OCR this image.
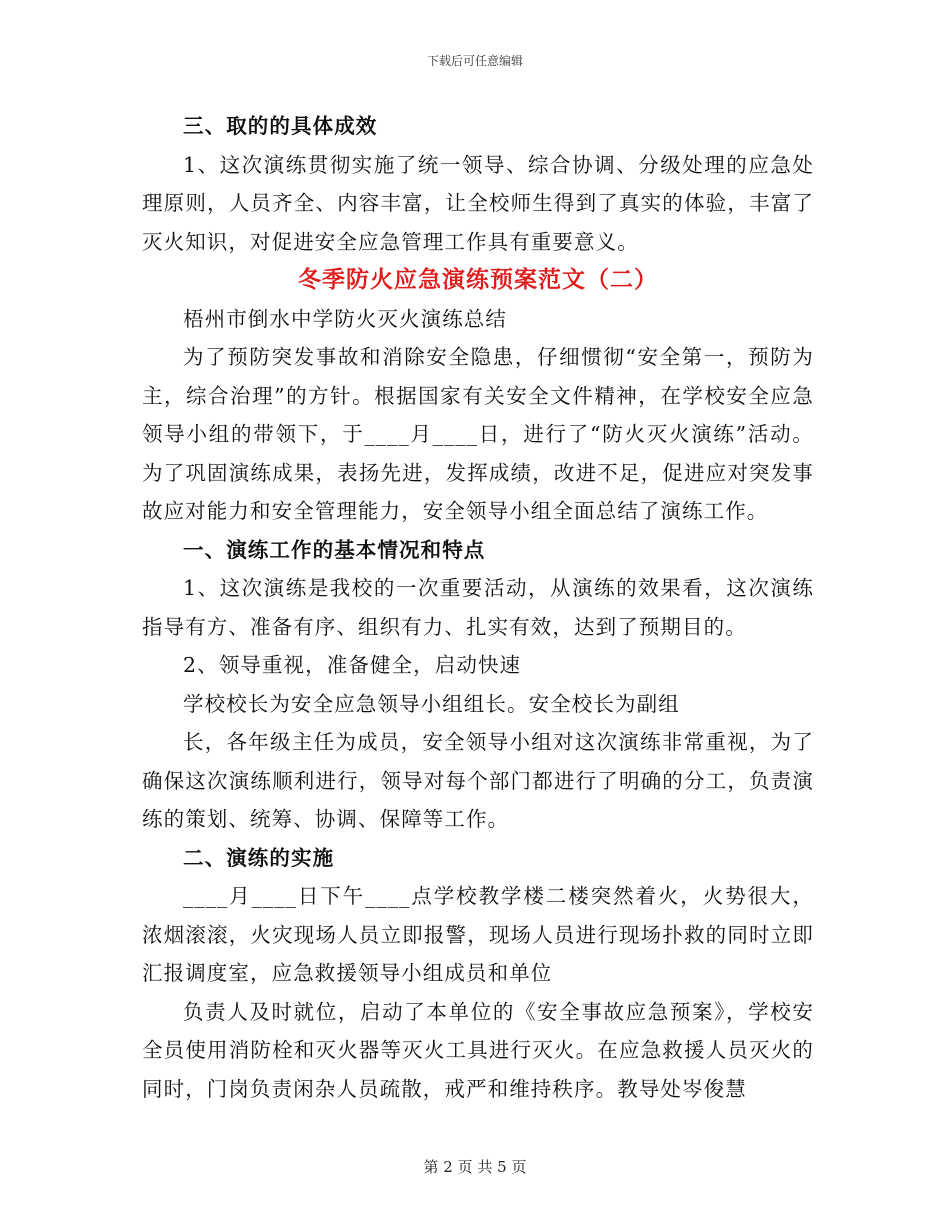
下载后可任意编辑

三、取的的具体成效

1、这次演练贯彻实施了统一领导、综合协调、分级处理的应急处理原则，人员齐全、内容丰富，让全校师生得到了真实的体验，丰富了灭火知识，对促进安全应急管理工作具有重要意义。

冬季防火应急演练预案范文（二）

梧州市倒水中学防火灭火演练总结

为了预防突发事故和消除安全隐患，仔细惯彻“安全第一，预防为主，综合治理”的方针。根据国家有关安全文件精神，在学校安全应急领导小组的带领下，于____月____日，进行了“防火灭火演练”活动。为了巩固演练成果，表扬先进，发挥成绩，改进不足，促进应对突发事故应对能力和安全管理能力，安全领导小组全面总结了演练工作。

一、演练工作的基本情况和特点

1、这次演练是我校的一次重要活动，从演练的效果看，这次演练指导有方、准备有序、组织有力、扎实有效，达到了预期目的。

2、领导重视，准备健全，启动快速

学校校长为安全应急领导小组组长。安全校长为副组

长，各年级主任为成员，安全领导小组对这次演练非常重视，为了确保这次演练顺利进行，领导对每个部门都进行了明确的分工，负责演练的策划、统筹、协调、保障等工作。

二、演练的实施

____月____日下午____点学校教学楼二楼突然着火，火势很大，浓烟滚滚，火灾现场人员立即报警，现场人员进行现场扑救的同时立即汇报调度室，应急救援领导小组成员和单位

负责人及时就位，启动了本单位的《安全事故应急预案》，学校安全员使用消防栓和灭火器等灭火工具进行灭火。在应急救援人员灭火的同时，门岗负责闲杂人员疏散，戒严和维持秩序。教导处岑俊慧

第 2 页 共 5 页
